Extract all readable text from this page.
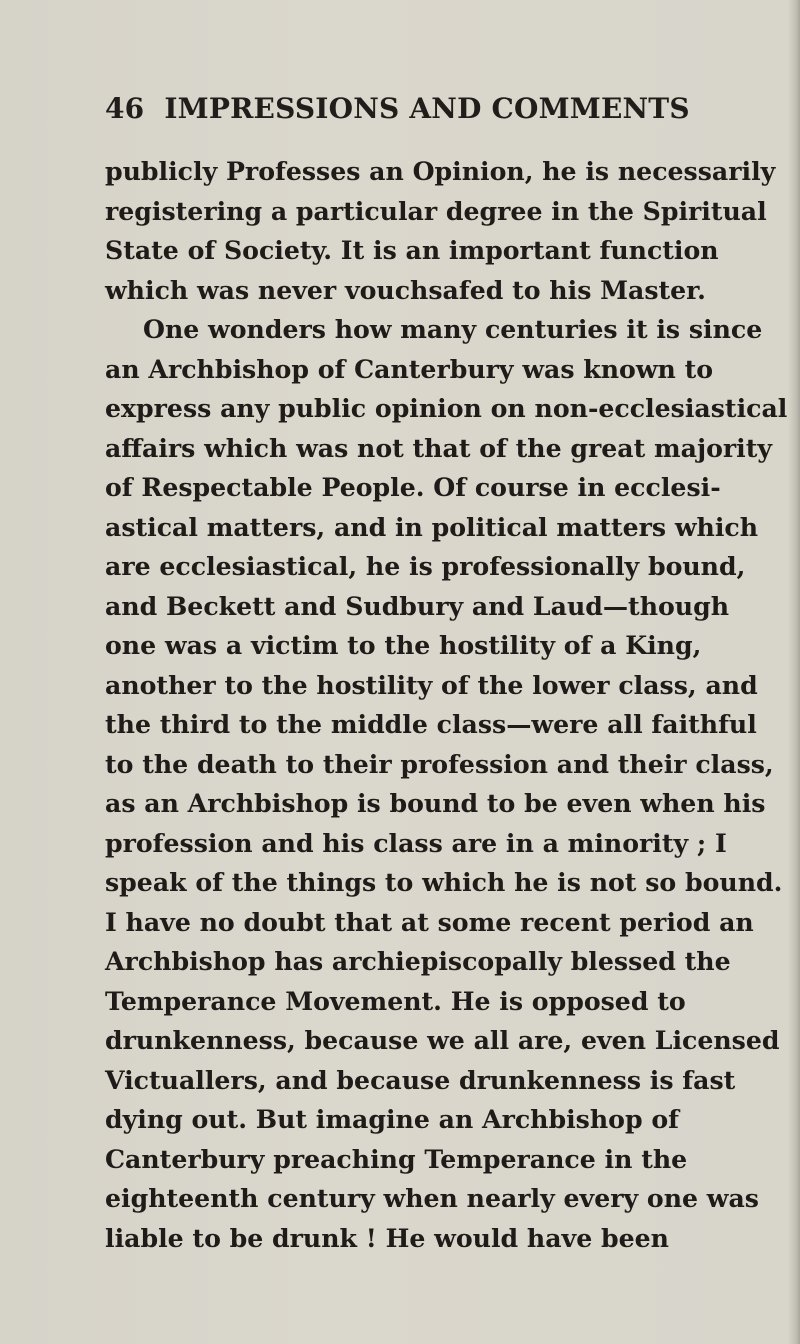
46 IMPRESSIONS AND COMMENTS
publicly Professes an Opinion, he is necessarily
registering a particular degree in the Spiritual
State of Society. It is an important function
which was never vouchsafed to his Master.
One wonders how many centuries it is since
an Archbishop of Canterbury was known to
express any public opinion on non-ecclesiastical
affairs which was not that of the great majority
of Respectable People. Of course in ecclesi-
astical matters, and in political matters which
are ecclesiastical, he is professionally bound,
and Beckett and Sudbury and Laud—though
one was a victim to the hostility of a King,
another to the hostility of the lower class, and
the third to the middle class—were all faithful
to the death to their profession and their class,
as an Archbishop is bound to be even when his
profession and his class are in a minority ; I
speak of the things to which he is not so bound.
I have no doubt that at some recent period an
Archbishop has archiepiscopally blessed the
Temperance Movement. He is opposed to
drunkenness, because we all are, even Licensed
Victuallers, and because drunkenness is fast
dying out. But imagine an Archbishop of
Canterbury preaching Temperance in the
eighteenth century when nearly every one was
liable to be drunk ! He would have been
